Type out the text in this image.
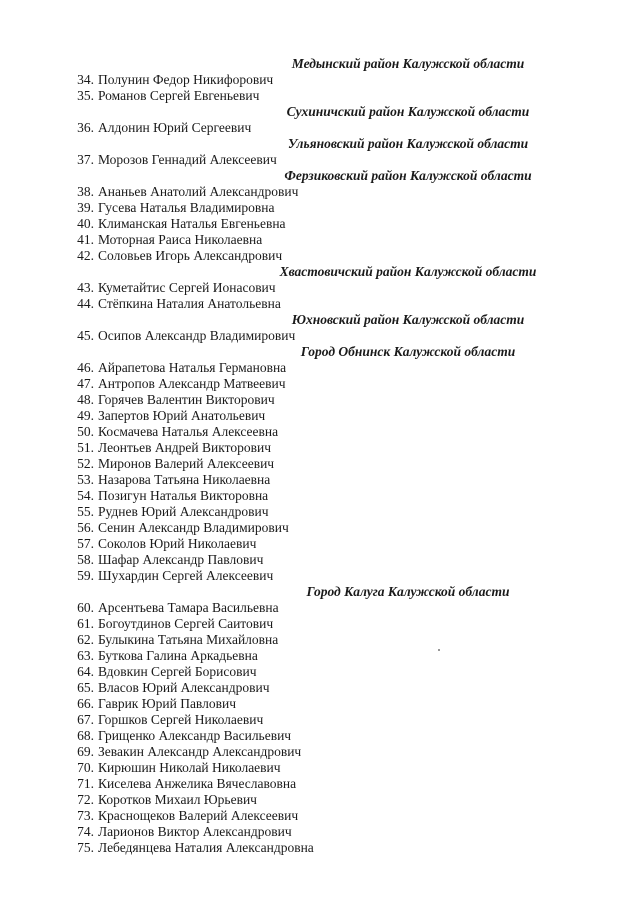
Медынский район Калужской области
34. Полунин Федор Никифорович
35. Романов Сергей Евгеньевич
Сухиничский район Калужской области
36. Алдонин Юрий Сергеевич
Ульяновский район Калужской области
37. Морозов Геннадий Алексеевич
Ферзиковский район Калужской области
38. Ананьев Анатолий Александрович
39. Гусева Наталья Владимировна
40. Климанская Наталья Евгеньевна
41. Моторная Раиса Николаевна
42. Соловьев Игорь Александрович
Хвастовичский район Калужской области
43. Куметайтис Сергей Ионасович
44. Стёпкина Наталия Анатольевна
Юхновский район Калужской области
45. Осипов Александр Владимирович
Город Обнинск Калужской области
46. Айрапетова Наталья Германовна
47. Антропов Александр Матвеевич
48. Горячев Валентин Викторович
49. Запертов Юрий Анатольевич
50. Космачева Наталья Алексеевна
51. Леонтьев Андрей Викторович
52. Миронов Валерий Алексеевич
53. Назарова Татьяна Николаевна
54. Позигун Наталья Викторовна
55. Руднев Юрий Александрович
56. Сенин Александр Владимирович
57. Соколов Юрий Николаевич
58. Шафар Александр Павлович
59. Шухардин Сергей Алексеевич
Город Калуга Калужской области
60. Арсентьева Тамара Васильевна
61. Богоутдинов Сергей Саитович
62. Булыкина Татьяна Михайловна
63. Буткова Галина Аркадьевна
64. Вдовкин Сергей Борисович
65. Власов Юрий Александрович
66. Гаврик Юрий Павлович
67. Горшков Сергей Николаевич
68. Грищенко Александр Васильевич
69. Зевакин Александр Александрович
70. Кирюшин Николай Николаевич
71. Киселева Анжелика Вячеславовна
72. Коротков Михаил Юрьевич
73. Краснощеков Валерий Алексеевич
74. Ларионов Виктор Александрович
75. Лебедянцева Наталия Александровна
